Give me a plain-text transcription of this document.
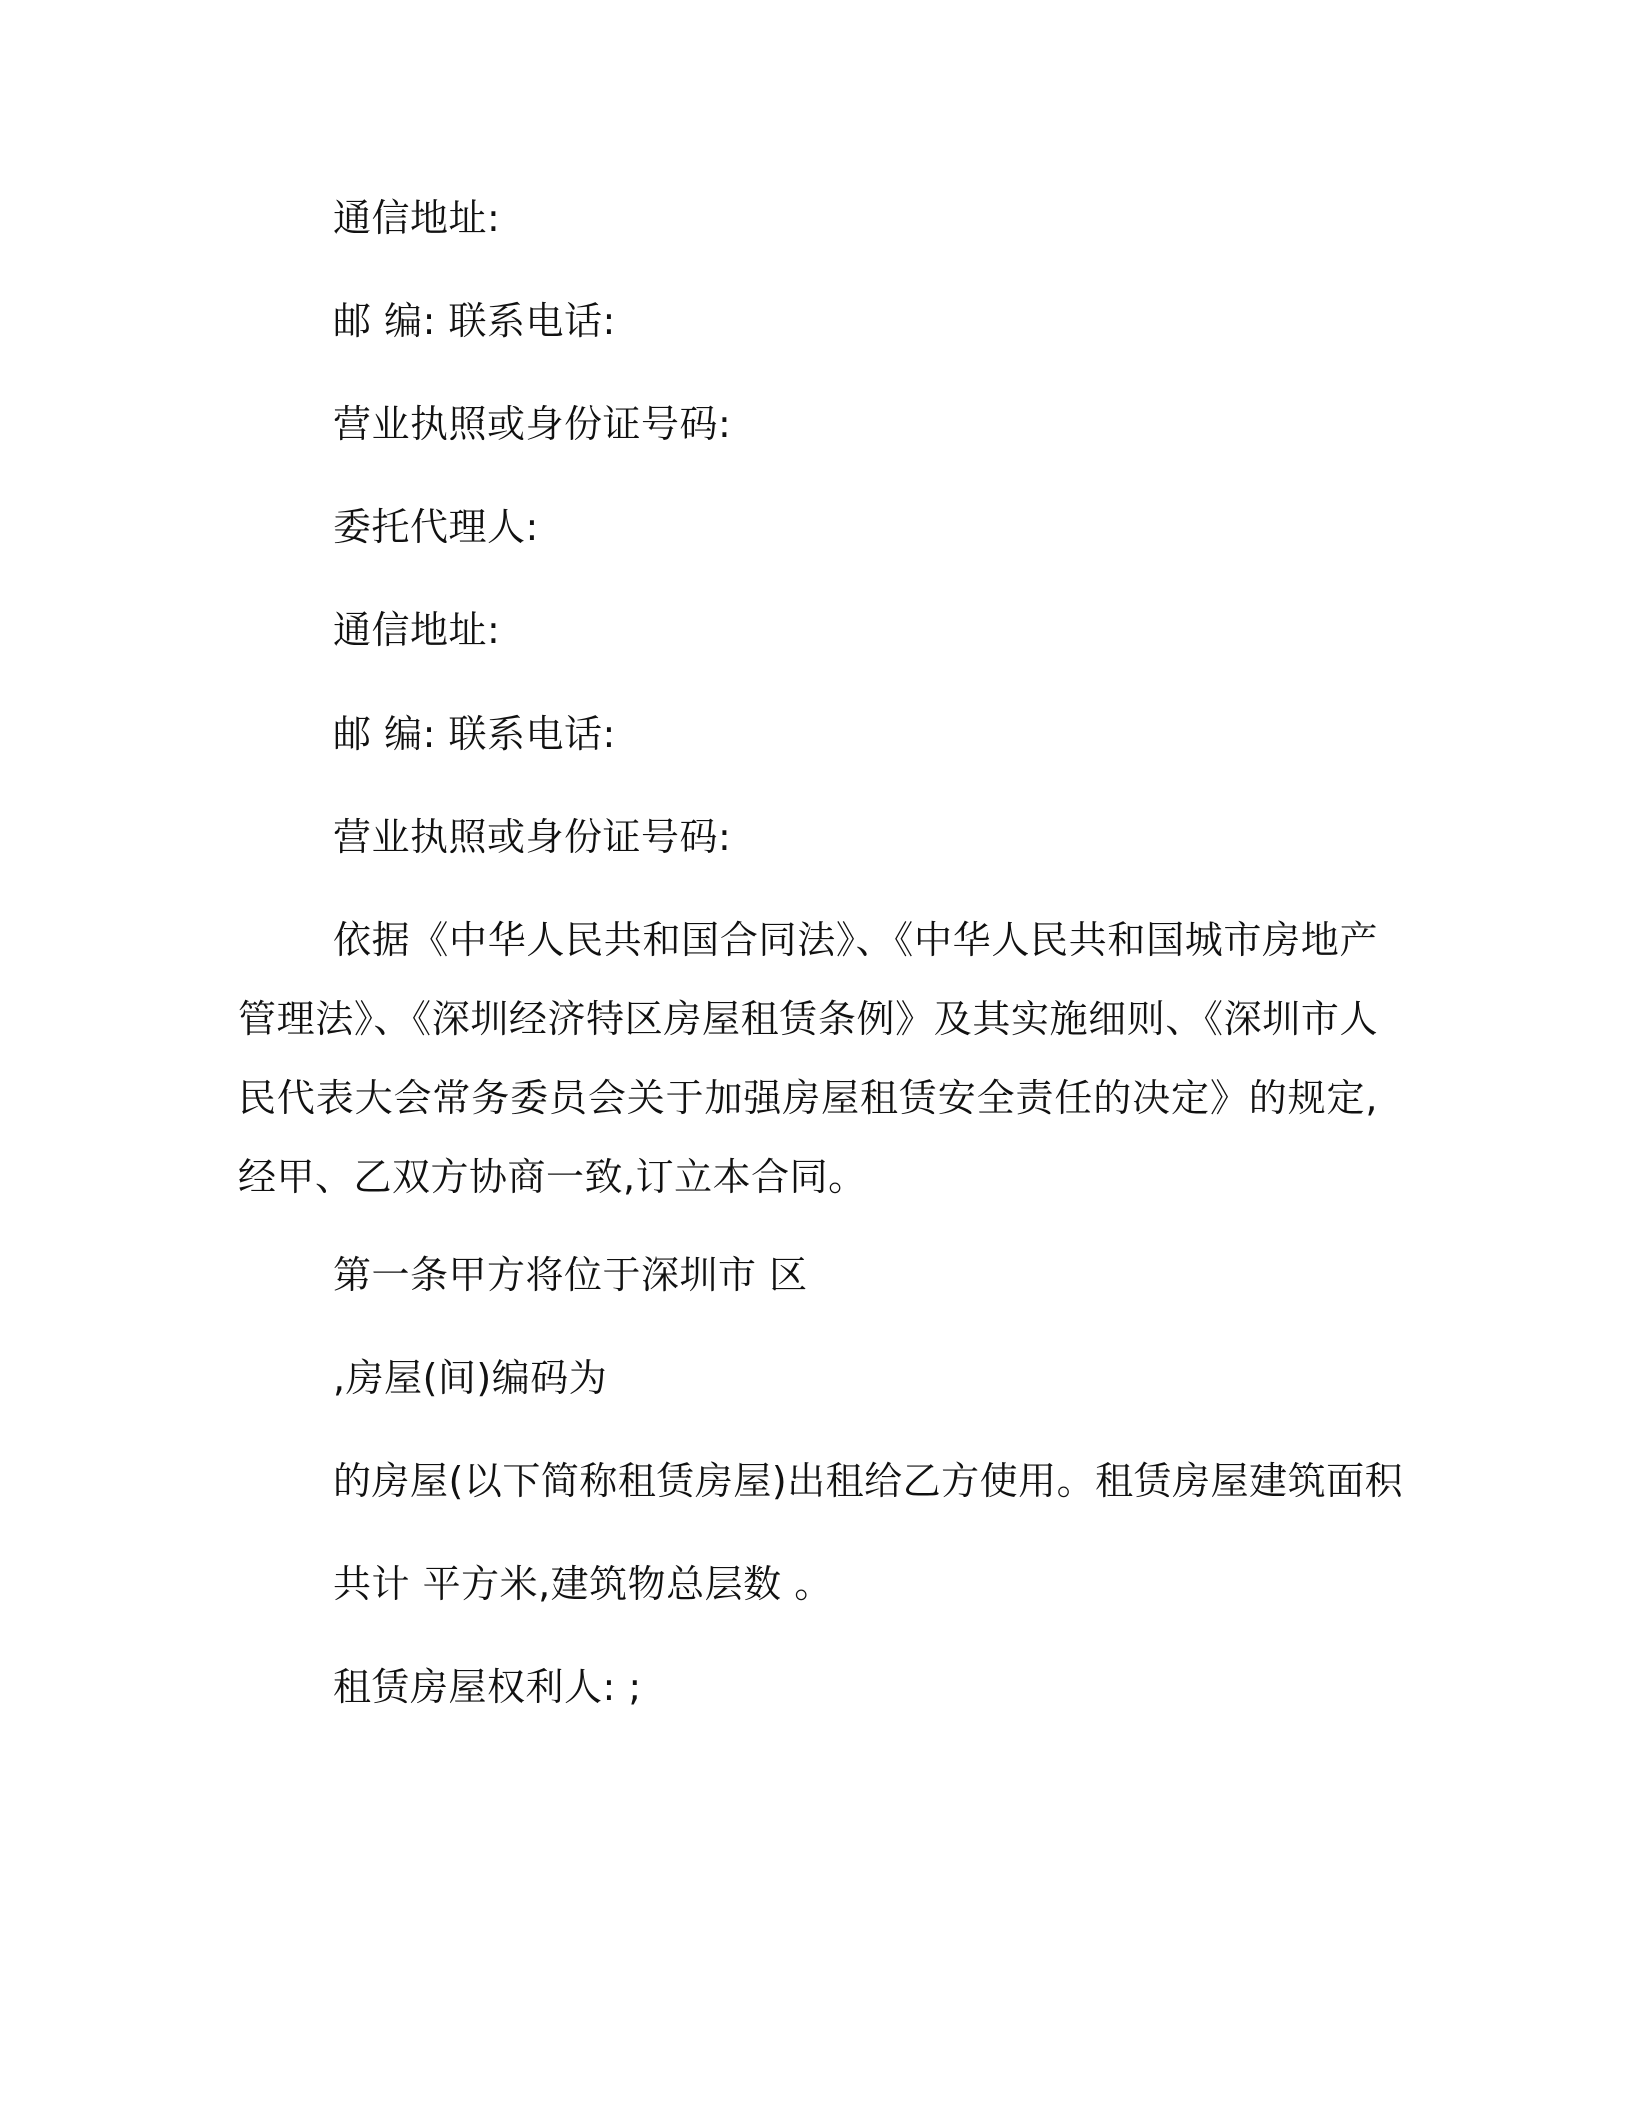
通信地址:
邮 编: 联系电话:
营业执照或身份证号码:
委托代理人:
通信地址:
邮 编: 联系电话:
营业执照或身份证号码:
依据《中华人民共和国合同法》、《中华人民共和国城市房地产管理法》、《深圳经济特区房屋租赁条例》及其实施细则、《深圳市人民代表大会常务委员会关于加强房屋租赁安全责任的决定》的规定,经甲、乙双方协商一致,订立本合同。
第一条甲方将位于深圳市 区
,房屋(间)编码为
的房屋(以下简称租赁房屋)出租给乙方使用。租赁房屋建筑面积
共计 平方米,建筑物总层数 。
租赁房屋权利人: ;
